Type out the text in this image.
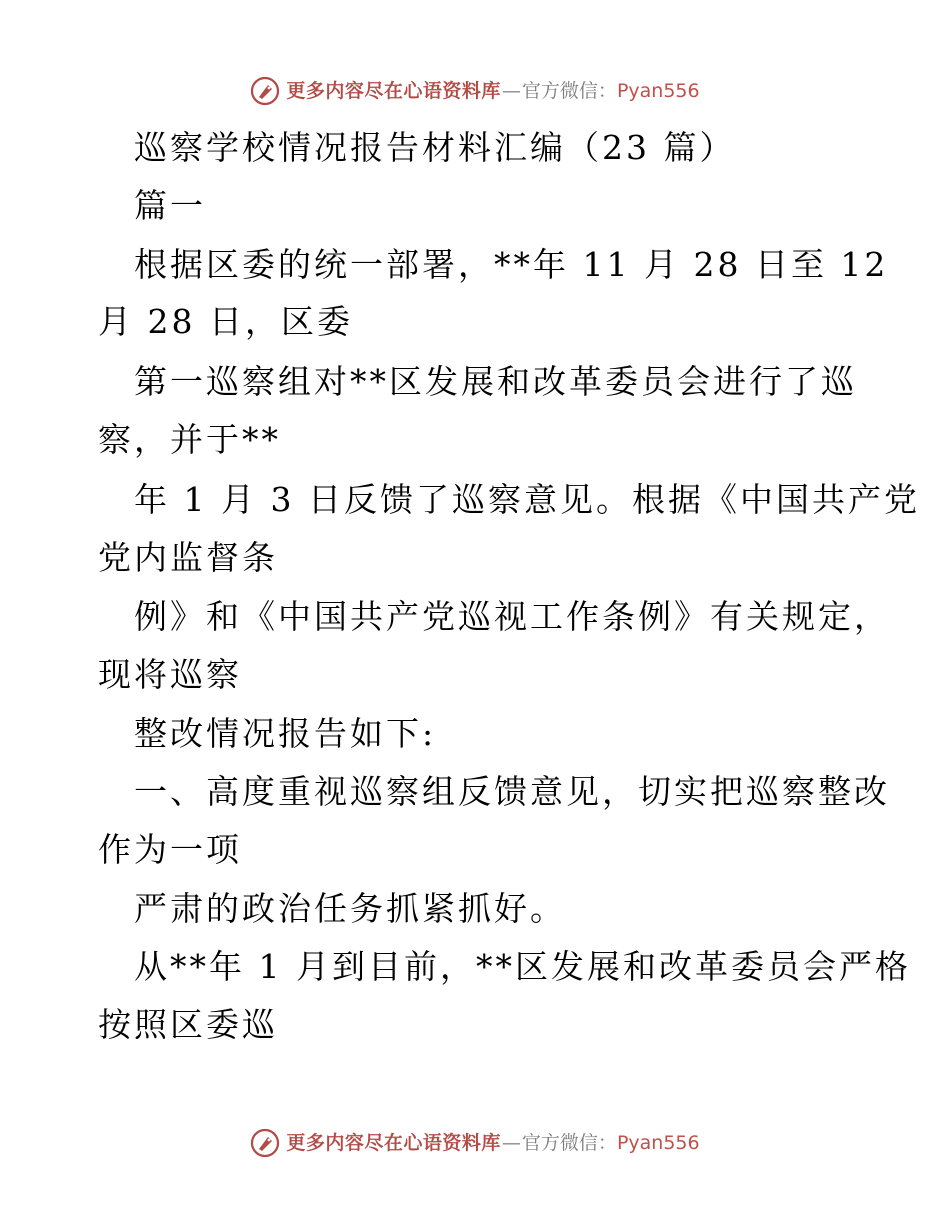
更多内容尽在心语资料库 — 官方微信： Pyan556
巡察学校情况报告材料汇编（23 篇）
篇一
根据区委的统一部署，**年 11 月 28 日至 12
月 28 日，区委
第一巡察组对**区发展和改革委员会进行了巡
察，并于**
年 1 月 3 日反馈了巡察意见。根据《中国共产党
党内监督条
例》和《中国共产党巡视工作条例》有关规定，
现将巡察
整改情况报告如下:
一、高度重视巡察组反馈意见，切实把巡察整改
作为一项
严肃的政治任务抓紧抓好。
从**年 1 月到目前，**区发展和改革委员会严格
按照区委巡
更多内容尽在心语资料库 — 官方微信： Pyan556
